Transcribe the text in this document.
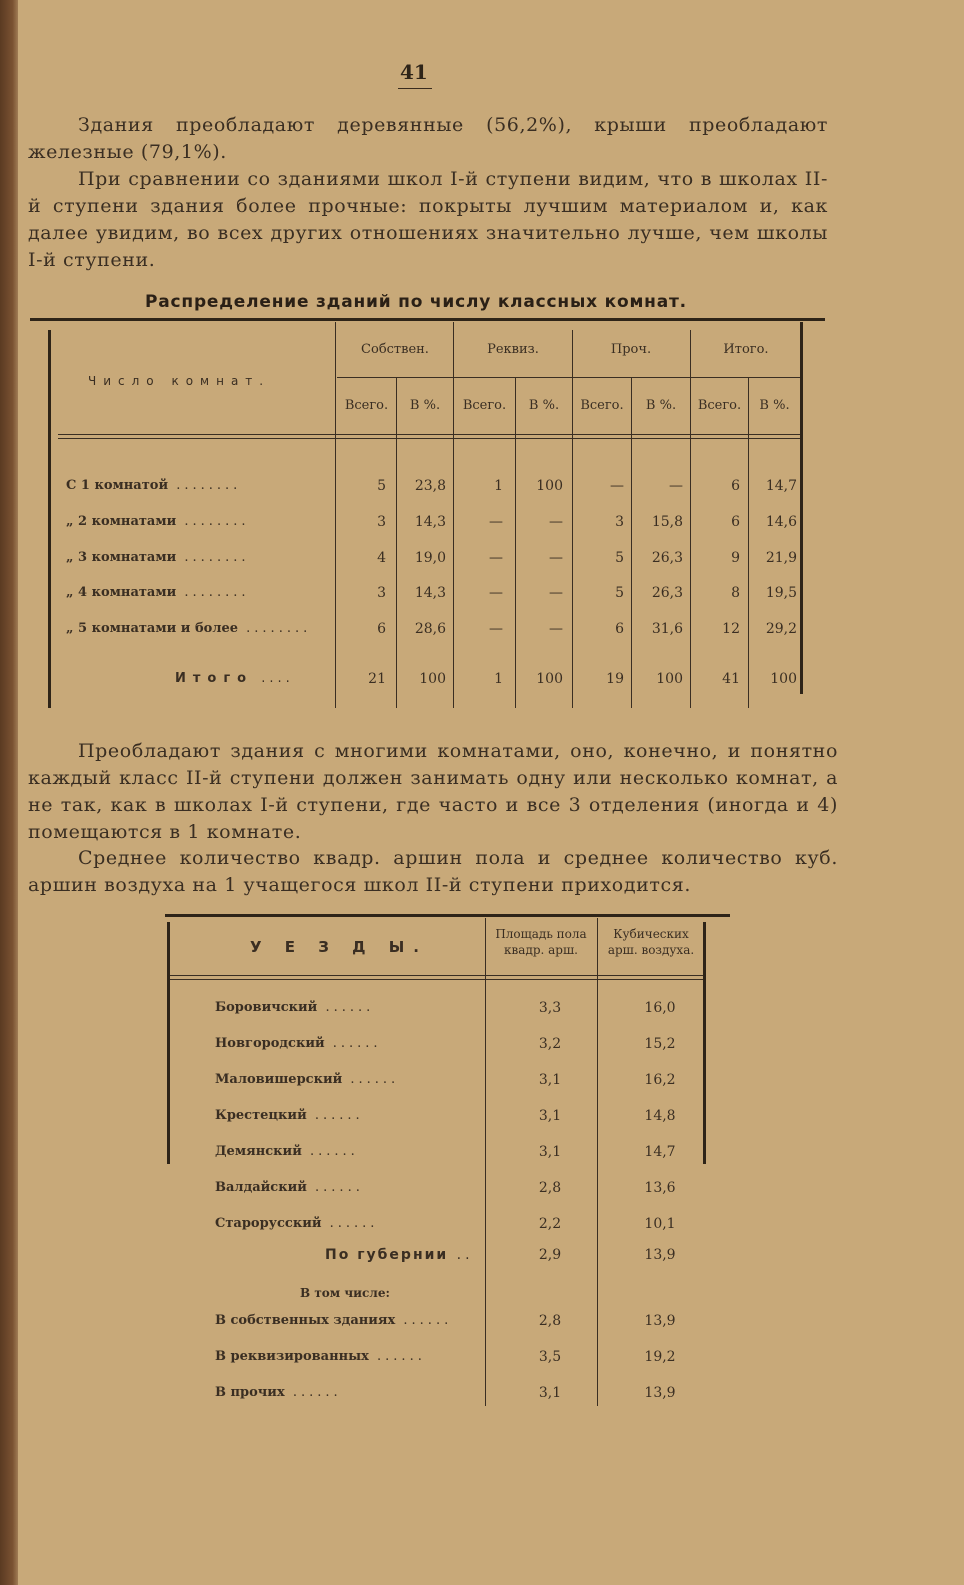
41
Здания преобладают деревянные (56,2%), крыши преобладают железные (79,1%).
При сравнении со зданиями школ I-й ступени видим, что в школах II-й ступени здания более прочные: покрыты лучшим материалом и, как далее увидим, во всех других отношениях значительно лучше, чем школы I-й ступени.
Распределение зданий по числу классных комнат.
Число комнат.
Собствен.	Реквиз.	Проч.	Итого.
Всего.	В %.	Всего.	В %.	Всего.	В %.	Всего.	В %.
С 1 комнатой ........	5	23,8	1	100	—	—	6	14,7
„ 2 комнатами ........	3	14,3	—	—	3	15,8	6	14,6
„ 3 комнатами ........	4	19,0	—	—	5	26,3	9	21,9
„ 4 комнатами ........	3	14,3	—	—	5	26,3	8	19,5
„ 5 комнатами и более ........	6	28,6	—	—	6	31,6	12	29,2
Итого ....	21	100	1	100	19	100	41	100
Преобладают здания с многими комнатами, оно, конечно, и понятно каждый класс II-й ступени должен занимать одну или несколько комнат, а не так, как в школах I-й ступени, где часто и все 3 отделения (иногда и 4) помещаются в 1 комнате.
Среднее количество квадр. аршин пола и среднее количество куб. аршин воздуха на 1 учащегося школ II-й ступени приходится.
У Е З Д Ы.
Площадь пола квадр. арш.
Кубических арш. воздуха.
Боровичский ......	3,3	16,0
Новгородский ......	3,2	15,2
Маловишерский ......	3,1	16,2
Крестецкий ......	3,1	14,8
Демянский ......	3,1	14,7
Валдайский ......	2,8	13,6
Старорусский ......	2,2	10,1
По губернии ..	2,9	13,9
В том числе:
В собственных зданиях ......	2,8	13,9
В реквизированных ......	3,5	19,2
В прочих ......	3,1	13,9
